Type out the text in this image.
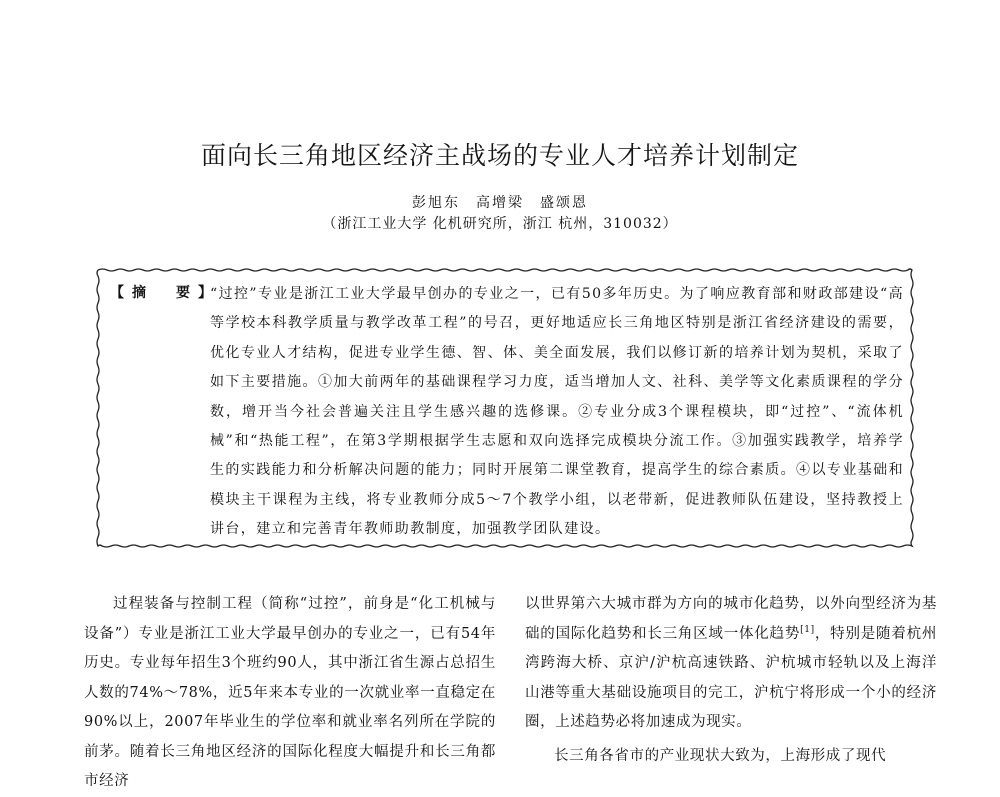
面向长三角地区经济主战场的专业人才培养计划制定
彭旭东　高增梁　盛颂恩
（浙江工业大学 化机研究所，浙江 杭州，310032）
【摘　要】
“过控”专业是浙江工业大学最早创办的专业之一，已有50多年历史。为了响应教育部和财政部建设“高等学校本科教学质量与教学改革工程”的号召，更好地适应长三角地区特别是浙江省经济建设的需要，优化专业人才结构，促进专业学生德、智、体、美全面发展，我们以修订新的培养计划为契机，采取了如下主要措施。①加大前两年的基础课程学习力度，适当增加人文、社科、美学等文化素质课程的学分数，增开当今社会普遍关注且学生感兴趣的选修课。②专业分成3个课程模块，即“过控”、“流体机械”和“热能工程”，在第3学期根据学生志愿和双向选择完成模块分流工作。③加强实践教学，培养学生的实践能力和分析解决问题的能力；同时开展第二课堂教育，提高学生的综合素质。④以专业基础和模块主干课程为主线，将专业教师分成5～7个教学小组，以老带新，促进教师队伍建设，坚持教授上讲台，建立和完善青年教师助教制度，加强教学团队建设。

过程装备与控制工程（简称“过控”，前身是“化工机械与设备”）专业是浙江工业大学最早创办的专业之一，已有54年历史。专业每年招生3个班约90人，其中浙江省生源占总招生人数的74%～78%，近5年来本专业的一次就业率一直稳定在90%以上，2007年毕业生的学位率和就业率名列所在学院的前茅。随着长三角地区经济的国际化程度大幅提升和长三角都市经济

以世界第六大城市群为方向的城市化趋势，以外向型经济为基础的国际化趋势和长三角区域一体化趋势[1]，特别是随着杭州湾跨海大桥、京沪/沪杭高速铁路、沪杭城市轻轨以及上海洋山港等重大基础设施项目的完工，沪杭宁将形成一个小的经济圈，上述趋势必将加速成为现实。

长三角各省市的产业现状大致为，上海形成了现代
